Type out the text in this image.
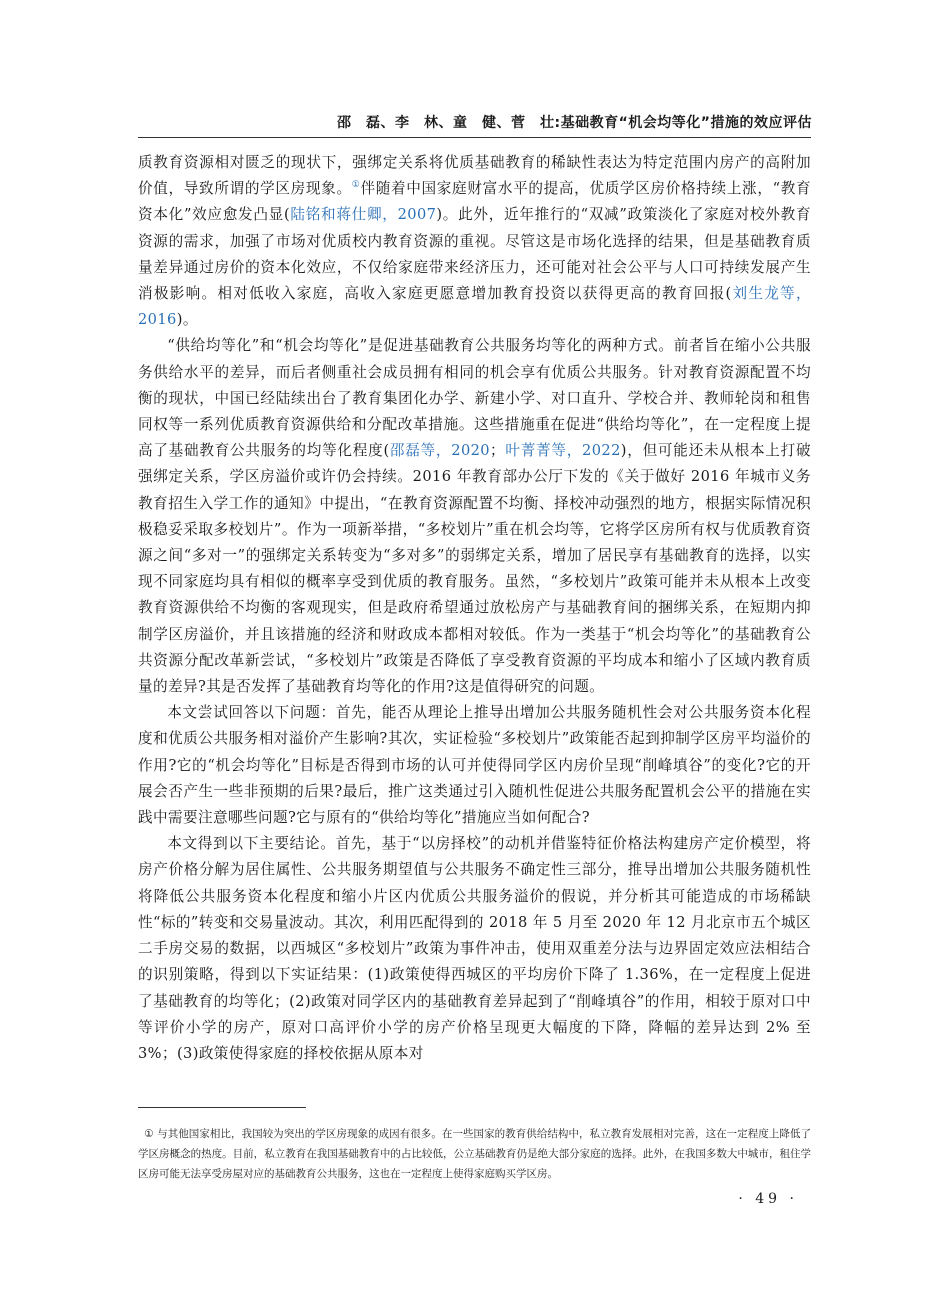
邵　磊、李　林、童　健、菅　壮:基础教育“机会均等化”措施的效应评估

质教育资源相对匮乏的现状下，强绑定关系将优质基础教育的稀缺性表达为特定范围内房产的高附加价值，导致所谓的学区房现象。①伴随着中国家庭财富水平的提高，优质学区房价格持续上涨，“教育资本化”效应愈发凸显(陆铭和蒋仕卿，2007)。此外，近年推行的“双减”政策淡化了家庭对校外教育资源的需求，加强了市场对优质校内教育资源的重视。尽管这是市场化选择的结果，但是基础教育质量差异通过房价的资本化效应，不仅给家庭带来经济压力，还可能对社会公平与人口可持续发展产生消极影响。相对低收入家庭，高收入家庭更愿意增加教育投资以获得更高的教育回报(刘生龙等，2016)。

“供给均等化”和“机会均等化”是促进基础教育公共服务均等化的两种方式。前者旨在缩小公共服务供给水平的差异，而后者侧重社会成员拥有相同的机会享有优质公共服务。针对教育资源配置不均衡的现状，中国已经陆续出台了教育集团化办学、新建小学、对口直升、学校合并、教师轮岗和租售同权等一系列优质教育资源供给和分配改革措施。这些措施重在促进“供给均等化”，在一定程度上提高了基础教育公共服务的均等化程度(邵磊等，2020；叶菁菁等，2022)，但可能还未从根本上打破强绑定关系，学区房溢价或许仍会持续。2016 年教育部办公厅下发的《关于做好 2016 年城市义务教育招生入学工作的通知》中提出，“在教育资源配置不均衡、择校冲动强烈的地方，根据实际情况积极稳妥采取多校划片”。作为一项新举措，“多校划片”重在机会均等，它将学区房所有权与优质教育资源之间“多对一”的强绑定关系转变为“多对多”的弱绑定关系，增加了居民享有基础教育的选择，以实现不同家庭均具有相似的概率享受到优质的教育服务。虽然，“多校划片”政策可能并未从根本上改变教育资源供给不均衡的客观现实，但是政府希望通过放松房产与基础教育间的捆绑关系，在短期内抑制学区房溢价，并且该措施的经济和财政成本都相对较低。作为一类基于“机会均等化”的基础教育公共资源分配改革新尝试，“多校划片”政策是否降低了享受教育资源的平均成本和缩小了区域内教育质量的差异?其是否发挥了基础教育均等化的作用?这是值得研究的问题。

本文尝试回答以下问题：首先，能否从理论上推导出增加公共服务随机性会对公共服务资本化程度和优质公共服务相对溢价产生影响?其次，实证检验“多校划片”政策能否起到抑制学区房平均溢价的作用?它的“机会均等化”目标是否得到市场的认可并使得同学区内房价呈现“削峰填谷”的变化?它的开展会否产生一些非预期的后果?最后，推广这类通过引入随机性促进公共服务配置机会公平的措施在实践中需要注意哪些问题?它与原有的“供给均等化”措施应当如何配合?

本文得到以下主要结论。首先，基于“以房择校”的动机并借鉴特征价格法构建房产定价模型，将房产价格分解为居住属性、公共服务期望值与公共服务不确定性三部分，推导出增加公共服务随机性将降低公共服务资本化程度和缩小片区内优质公共服务溢价的假说，并分析其可能造成的市场稀缺性“标的”转变和交易量波动。其次，利用匹配得到的 2018 年 5 月至 2020 年 12 月北京市五个城区二手房交易的数据，以西城区“多校划片”政策为事件冲击，使用双重差分法与边界固定效应法相结合的识别策略，得到以下实证结果：(1)政策使得西城区的平均房价下降了 1.36%，在一定程度上促进了基础教育的均等化；(2)政策对同学区内的基础教育差异起到了“削峰填谷”的作用，相较于原对口中等评价小学的房产，原对口高评价小学的房产价格呈现更大幅度的下降，降幅的差异达到 2% 至 3%；(3)政策使得家庭的择校依据从原本对

① 与其他国家相比，我国较为突出的学区房现象的成因有很多。在一些国家的教育供给结构中，私立教育发展相对完善，这在一定程度上降低了学区房概念的热度。目前，私立教育在我国基础教育中的占比较低，公立基础教育仍是绝大部分家庭的选择。此外，在我国多数大中城市，租住学区房可能无法享受房屋对应的基础教育公共服务，这也在一定程度上使得家庭购买学区房。

· 49 ·
